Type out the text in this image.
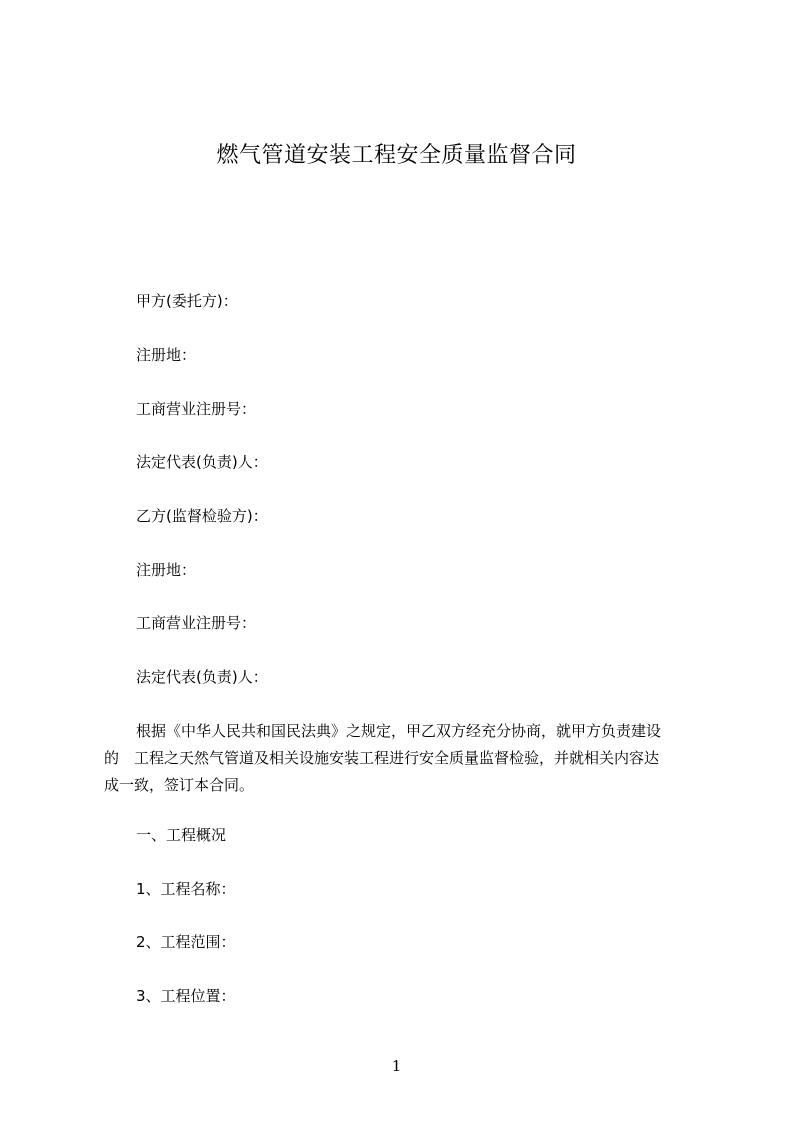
燃气管道安装工程安全质量监督合同
甲方(委托方)：
注册地：
工商营业注册号：
法定代表(负责)人：
乙方(监督检验方)：
注册地：
工商营业注册号：
法定代表(负责)人：
根据《中华人民共和国民法典》之规定，甲乙双方经充分协商，就甲方负责建设
的　工程之天然气管道及相关设施安装工程进行安全质量监督检验，并就相关内容达
成一致，签订本合同。
一、工程概况
1、工程名称：
2、工程范围：
3、工程位置：
1
